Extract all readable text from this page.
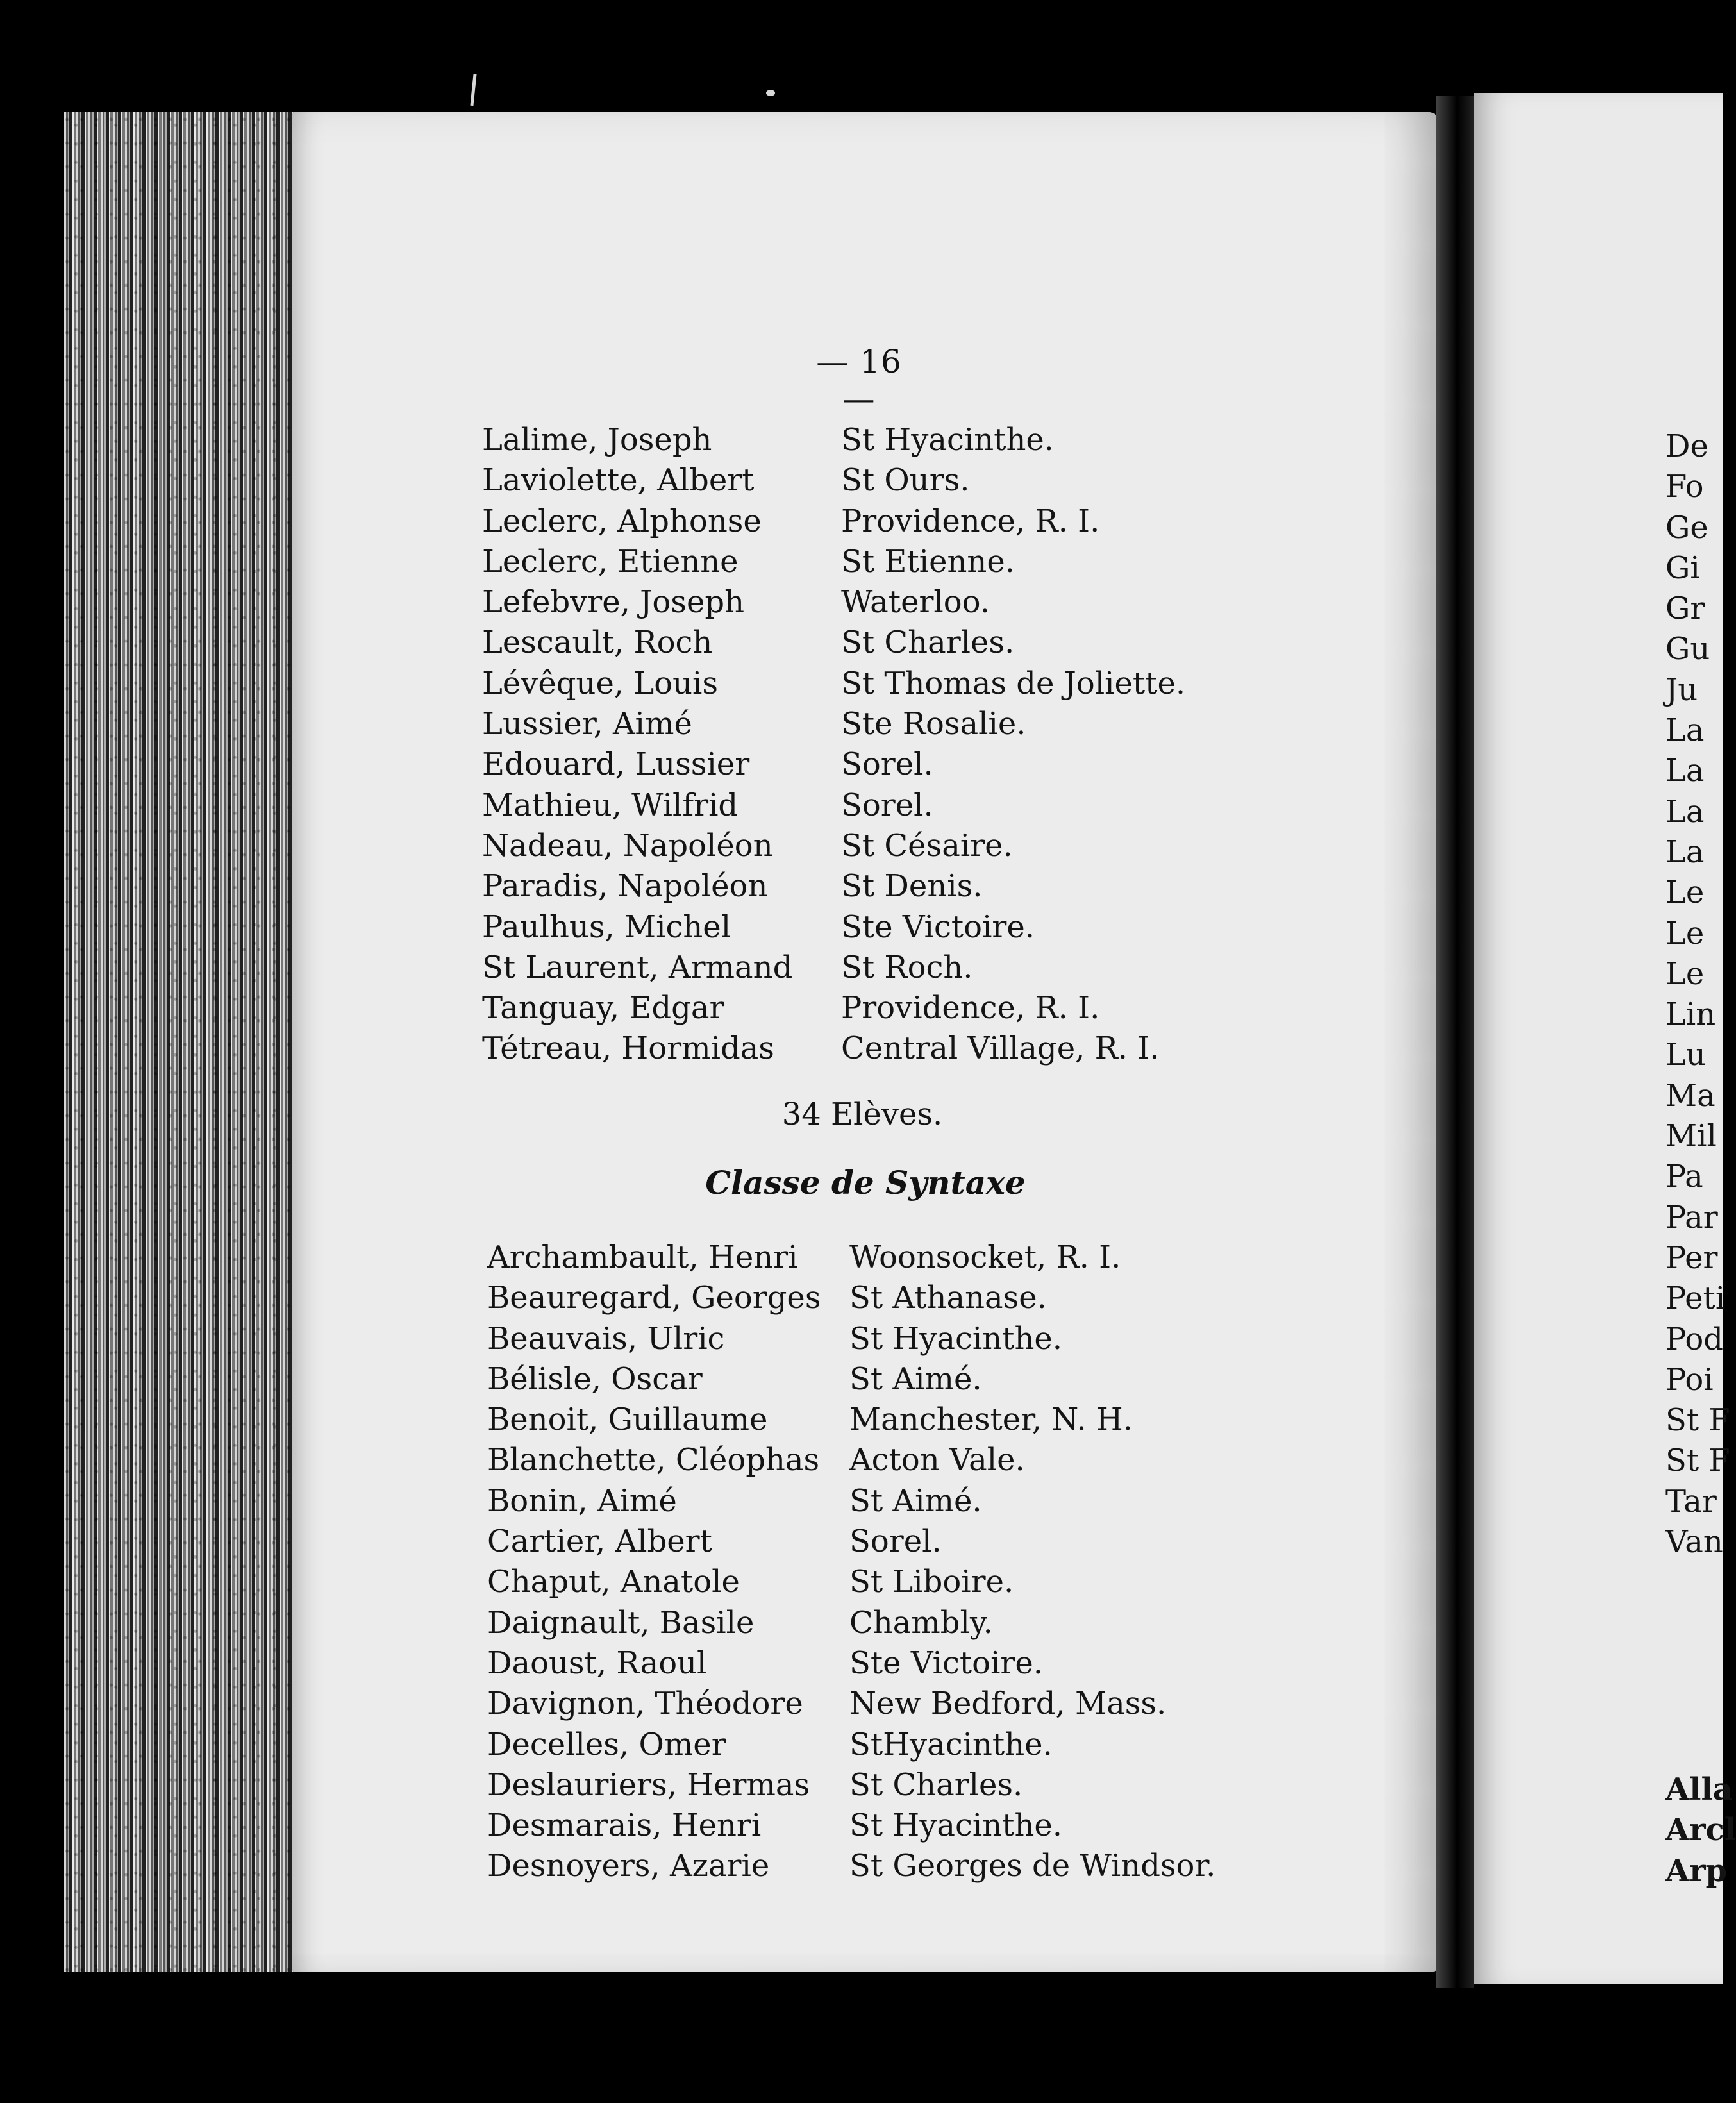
— 16 —
Lalime, Joseph	St Hyacinthe.
Laviolette, Albert	St Ours.
Leclerc, Alphonse	Providence, R. I.
Leclerc, Etienne	St Etienne.
Lefebvre, Joseph	Waterloo.
Lescault, Roch	St Charles.
Lévêque, Louis	St Thomas de Joliette.
Lussier, Aimé	Ste Rosalie.
Edouard, Lussier	Sorel.
Mathieu, Wilfrid	Sorel.
Nadeau, Napoléon St Césaire.
Paradis, Napoléon St Denis.
Paulhus, Michel	Ste Victoire.
St Laurent, Armand St Roch.
Tanguay, Edgar	Providence, R. I.
Tétreau, Hormidas Central Village, R. I.
34 Elèves.
Classe de Syntaxe
Archambault, Henri Woonsocket, R. I.
Beauregard, Georges St Athanase.
Beauvais, Ulric	St Hyacinthe.
Bélisle, Oscar	St Aimé.
Benoit, Guillaume	Manchester, N. H.
Blanchette, Cléophas Acton Vale.
Bonin, Aimé	St Aimé.
Cartier, Albert	Sorel.
Chaput, Anatole	St Liboire.
Daignault, Basile	Chambly.
Daoust, Raoul	Ste Victoire.
Davignon, Théodore New Bedford, Mass.
Decelles, Omer	StHyacinthe.
Deslauriers, Hermas St Charles.
Desmarais, Henri	St Hyacinthe.
Desnoyers, Azarie	St Georges de Windsor.
De
Fo
Ge
Gi
Gr
Gu
Ju
La
La
La
La
Le
Le
Le
Lin
Lu
Ma
Mil
Pa
Par
Per
Peti
Pod
Poi
St F
St F
Tar
Van
Alla
Arcl
Arp
